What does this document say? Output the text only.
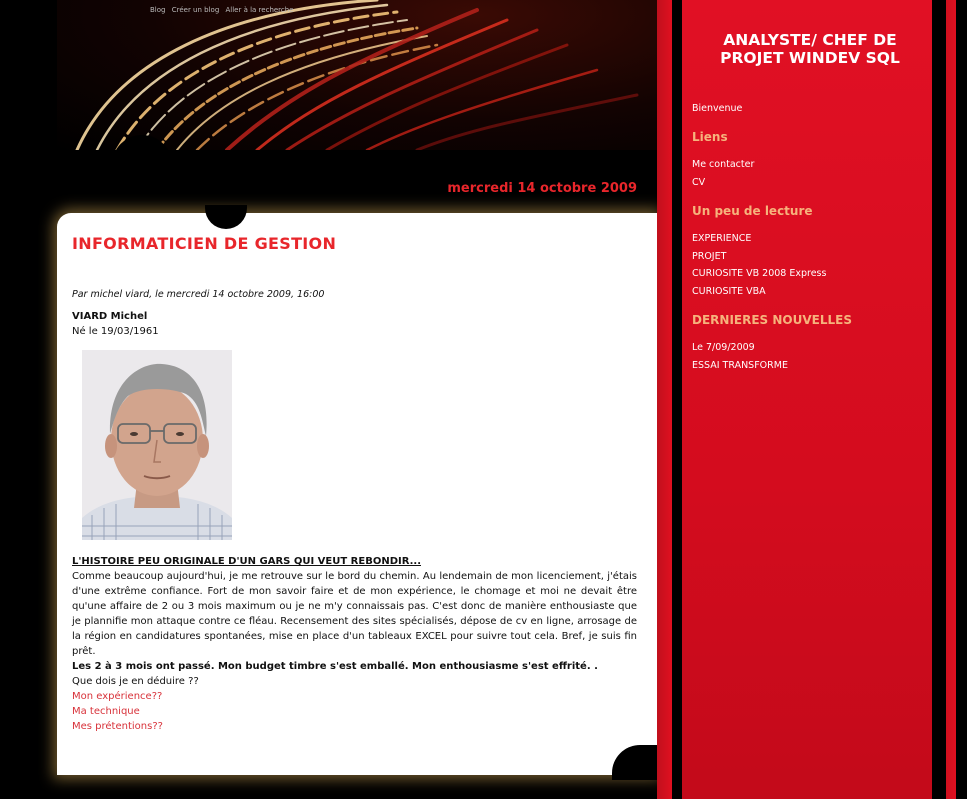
Blog Créer un blog Aller à la recherche
mercredi 14 octobre 2009
INFORMATICIEN DE GESTION
Par michel viard, le mercredi 14 octobre 2009, 16:00
VIARD Michel
Né le 19/03/1961
L'HISTOIRE PEU ORIGINALE D'UN GARS QUI VEUT REBONDIR...
Comme beaucoup aujourd'hui, je me retrouve sur le bord du chemin. Au lendemain de mon licenciement, j'étais d'une extrême confiance. Fort de mon savoir faire et de mon expérience, le chomage et moi ne devait être qu'une affaire de 2 ou 3 mois maximum ou je ne m'y connaissais pas. C'est donc de manière enthousiaste que je plannifie mon attaque contre ce fléau. Recensement des sites spécialisés, dépose de cv en ligne, arrosage de la région en candidatures spontanées, mise en place d'un tableaux EXCEL pour suivre tout cela. Bref, je suis fin prêt.
Les 2 à 3 mois ont passé. Mon budget timbre s'est emballé. Mon enthousiasme s'est effrité. .
Que dois je en déduire ??
Mon expérience??
Ma technique
Mes prétentions??
ANALYSTE/ CHEF DE PROJET WINDEV SQL
Bienvenue
Liens
Me contacter
CV
Un peu de lecture
EXPERIENCE
PROJET
CURIOSITE VB 2008 Express
CURIOSITE VBA
DERNIERES NOUVELLES
Le 7/09/2009
ESSAI TRANSFORME
